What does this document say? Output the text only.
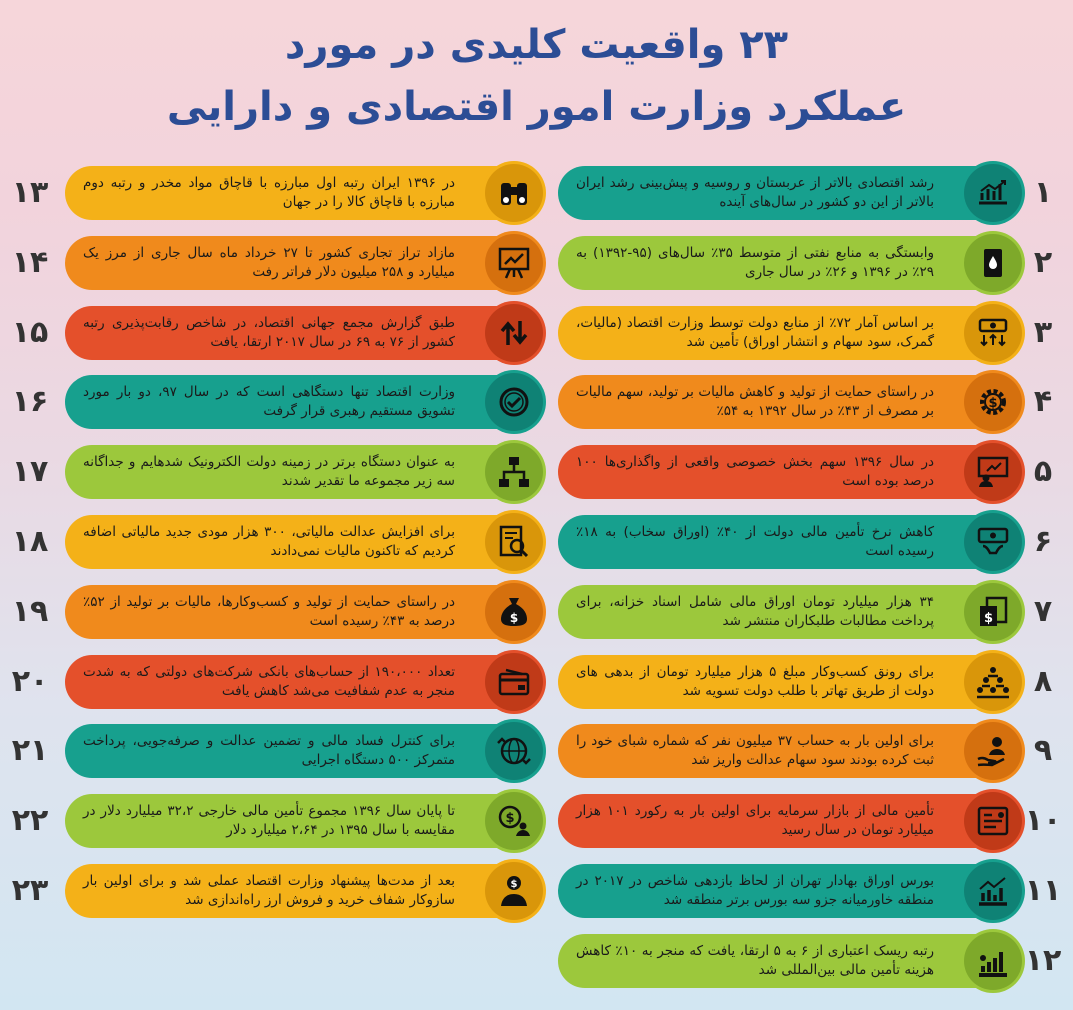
۲۳ واقعیت کلیدی در مورد
عملکرد وزارت امور اقتصادی و دارایی
رشد اقتصادی بالاتر از عربستان و روسیه و پیش‌بینی رشد ایران بالاتر از این دو کشور در سال‌های آینده	۱
وابستگی به منابع نفتی از متوسط ۳۵٪ سال‌های (۹۵-۱۳۹۲) به ۲۹٪ در ۱۳۹۶ و ۲۶٪ در سال جاری	۲
بر اساس آمار ۷۲٪ از منابع دولت توسط وزارت اقتصاد (مالیات، گمرک، سود سهام و انتشار اوراق) تأمین شد	۳
در راستای حمایت از تولید و کاهش مالیات بر تولید، سهم مالیات بر مصرف از ۴۳٪ در سال ۱۳۹۲ به ۵۴٪	$	۴
در سال ۱۳۹۶ سهم بخش خصوصی واقعی از واگذاری‌ها ۱۰۰ درصد بوده است	۵
کاهش نرخ تأمین مالی دولت از ۴۰٪ (اوراق سخاب) به ۱۸٪ رسیده است	۶
۳۴ هزار میلیارد تومان اوراق مالی شامل اسناد خزانه، برای پرداخت مطالبات طلبکاران منتشر شد	$	۷
برای رونق کسب‌وکار مبلغ ۵ هزار میلیارد تومان از بدهی های دولت از طریق تهاتر با طلب دولت تسویه شد	۸
برای اولین بار به حساب ۳۷ میلیون نفر که شماره شبای خود را ثبت کرده بودند سود سهام عدالت واریز شد	۹
تأمین مالی از بازار سرمایه برای اولین بار به رکورد ۱۰۱ هزار میلیارد تومان در سال رسید	۱۰
بورس اوراق بهادار تهران از لحاظ بازدهی شاخص در ۲۰۱۷ در منطقه خاورمیانه جزو سه بورس برتر منطقه شد	۱۱
رتبه ریسک اعتباری از ۶ به ۵ ارتقا، یافت که منجر به ۱۰٪ کاهش هزینه تأمین مالی بین‌المللی شد	۱۲
در ۱۳۹۶ ایران رتبه اول مبارزه با قاچاق مواد مخدر و رتبه دوم مبارزه با قاچاق کالا را در جهان
۱۳
مازاد تراز تجاری کشور تا ۲۷ خرداد ماه سال جاری از مرز یک میلیارد و ۲۵۸ میلیون دلار فراتر رفت
۱۴
طبق گزارش مجمع جهانی اقتصاد، در شاخص رقابت‌پذیری رتبه کشور از ۷۶ به ۶۹ در سال ۲۰۱۷ ارتقا، یافت
۱۵
وزارت اقتصاد تنها دستگاهی است که در سال ۹۷، دو بار مورد تشویق مستقیم رهبری قرار گرفت
۱۶
به عنوان دستگاه برتر در زمینه دولت الکترونیک شدهایم و جداگانه سه زیر مجموعه ما تقدیر شدند
۱۷
برای افزایش عدالت مالیاتی، ۳۰۰ هزار مودی جدید مالیاتی اضافه کردیم که تاکنون مالیات نمی‌دادند
۱۸
در راستای حمایت از تولید و کسب‌وکارها، مالیات بر تولید از ۵۲٪ درصد به ۴۳٪ رسیده است	$
۱۹
تعداد ۱۹۰،۰۰۰ از حساب‌های بانکی شرکت‌های دولتی که به شدت منجر به عدم شفافیت می‌شد کاهش یافت
۲۰
برای کنترل فساد مالی و تضمین عدالت و صرفه‌جویی، پرداخت متمرکز ۵۰۰ دستگاه اجرایی
۲۱
تا پایان سال ۱۳۹۶ مجموع تأمین مالی خارجی ۳۲،۲ میلیارد دلار در مقایسه با سال ۱۳۹۵ در ۲،۶۴ میلیارد دلار
$
۲۲
بعد از مدت‌ها پیشنهاد وزارت اقتصاد عملی شد و برای اولین بار سازوکار شفاف خرید و فروش ارز راه‌اندازی شد
$
۲۳
